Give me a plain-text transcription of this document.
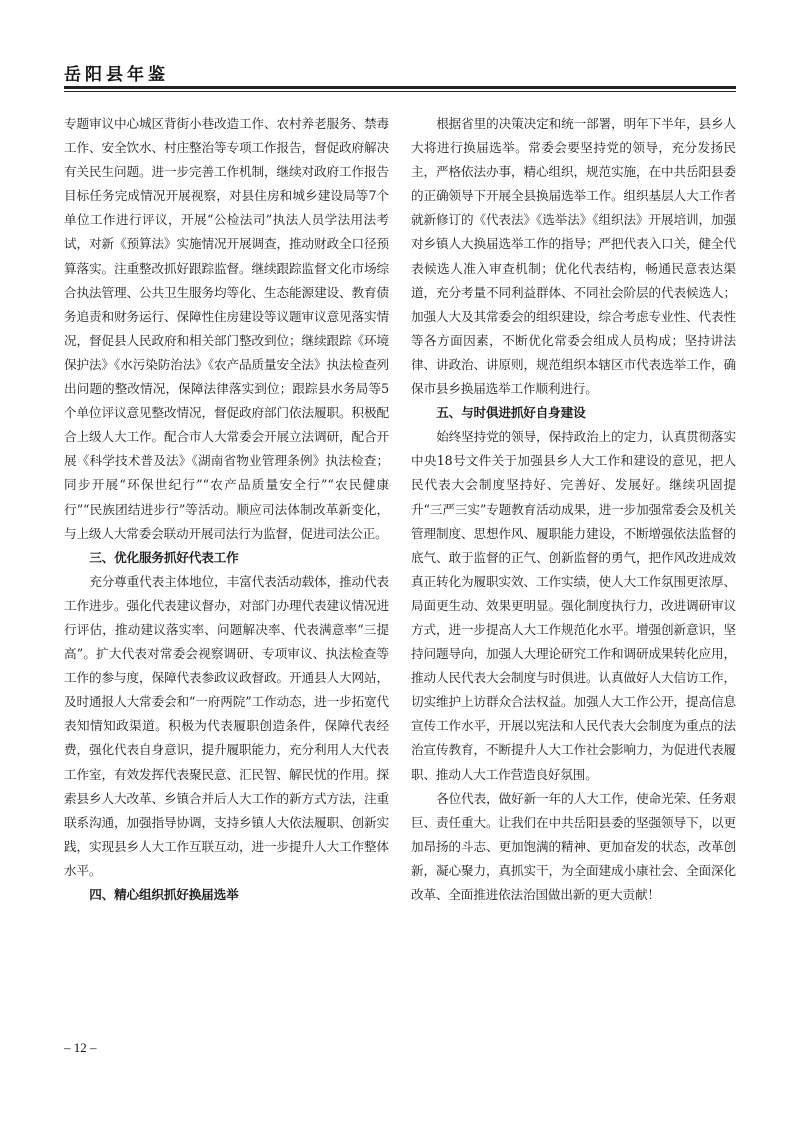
岳阳县年鉴

专题审议中心城区背街小巷改造工作、农村养老服务、禁毒工作、安全饮水、村庄整治等专项工作报告，督促政府解决有关民生问题。进一步完善工作机制，继续对政府工作报告目标任务完成情况开展视察，对县住房和城乡建设局等7个单位工作进行评议，开展“公检法司”执法人员学法用法考试，对新《预算法》实施情况开展调查，推动财政全口径预算落实。注重整改抓好跟踪监督。继续跟踪监督文化市场综合执法管理、公共卫生服务均等化、生态能源建设、教育债务追责和财务运行、保障性住房建设等议题审议意见落实情况，督促县人民政府和相关部门整改到位；继续跟踪《环境保护法》《水污染防治法》《农产品质量安全法》执法检查列出问题的整改情况，保障法律落实到位；跟踪县水务局等5个单位评议意见整改情况，督促政府部门依法履职。积极配合上级人大工作。配合市人大常委会开展立法调研，配合开展《科学技术普及法》《湖南省物业管理条例》执法检查；同步开展“环保世纪行”“农产品质量安全行”“农民健康行”“民族团结进步行”等活动。顺应司法体制改革新变化，与上级人大常委会联动开展司法行为监督，促进司法公正。

三、优化服务抓好代表工作

充分尊重代表主体地位，丰富代表活动载体，推动代表工作进步。强化代表建议督办，对部门办理代表建议情况进行评估，推动建议落实率、问题解决率、代表满意率“三提高”。扩大代表对常委会视察调研、专项审议、执法检查等工作的参与度，保障代表参政议政督政。开通县人大网站，及时通报人大常委会和“一府两院”工作动态，进一步拓宽代表知情知政渠道。积极为代表履职创造条件，保障代表经费，强化代表自身意识，提升履职能力，充分利用人大代表工作室，有效发挥代表聚民意、汇民智、解民忧的作用。探索县乡人大改革、乡镇合并后人大工作的新方式方法，注重联系沟通，加强指导协调，支持乡镇人大依法履职、创新实践，实现县乡人大工作互联互动，进一步提升人大工作整体水平。

四、精心组织抓好换届选举

根据省里的决策决定和统一部署，明年下半年，县乡人大将进行换届选举。常委会要坚持党的领导，充分发扬民主，严格依法办事，精心组织，规范实施，在中共岳阳县委的正确领导下开展全县换届选举工作。组织基层人大工作者就新修订的《代表法》《选举法》《组织法》开展培训，加强对乡镇人大换届选举工作的指导；严把代表入口关，健全代表候选人准入审查机制；优化代表结构，畅通民意表达渠道，充分考量不同利益群体、不同社会阶层的代表候选人；加强人大及其常委会的组织建设，综合考虑专业性、代表性等各方面因素，不断优化常委会组成人员构成；坚持讲法律、讲政治、讲原则，规范组织本辖区市代表选举工作，确保市县乡换届选举工作顺利进行。

五、与时俱进抓好自身建设

始终坚持党的领导，保持政治上的定力，认真贯彻落实中央18号文件关于加强县乡人大工作和建设的意见，把人民代表大会制度坚持好、完善好、发展好。继续巩固提升“三严三实”专题教育活动成果，进一步加强常委会及机关管理制度、思想作风、履职能力建设，不断增强依法监督的底气、敢于监督的正气、创新监督的勇气，把作风改进成效真正转化为履职实效、工作实绩，使人大工作氛围更浓厚、局面更生动、效果更明显。强化制度执行力，改进调研审议方式，进一步提高人大工作规范化水平。增强创新意识，坚持问题导向，加强人大理论研究工作和调研成果转化应用，推动人民代表大会制度与时俱进。认真做好人大信访工作，切实维护上访群众合法权益。加强人大工作公开，提高信息宣传工作水平，开展以宪法和人民代表大会制度为重点的法治宣传教育，不断提升人大工作社会影响力，为促进代表履职、推动人大工作营造良好氛围。

各位代表，做好新一年的人大工作，使命光荣、任务艰巨、责任重大。让我们在中共岳阳县委的坚强领导下，以更加昂扬的斗志、更加饱满的精神、更加奋发的状态，改革创新，凝心聚力，真抓实干，为全面建成小康社会、全面深化改革、全面推进依法治国做出新的更大贡献！

– 12 –
